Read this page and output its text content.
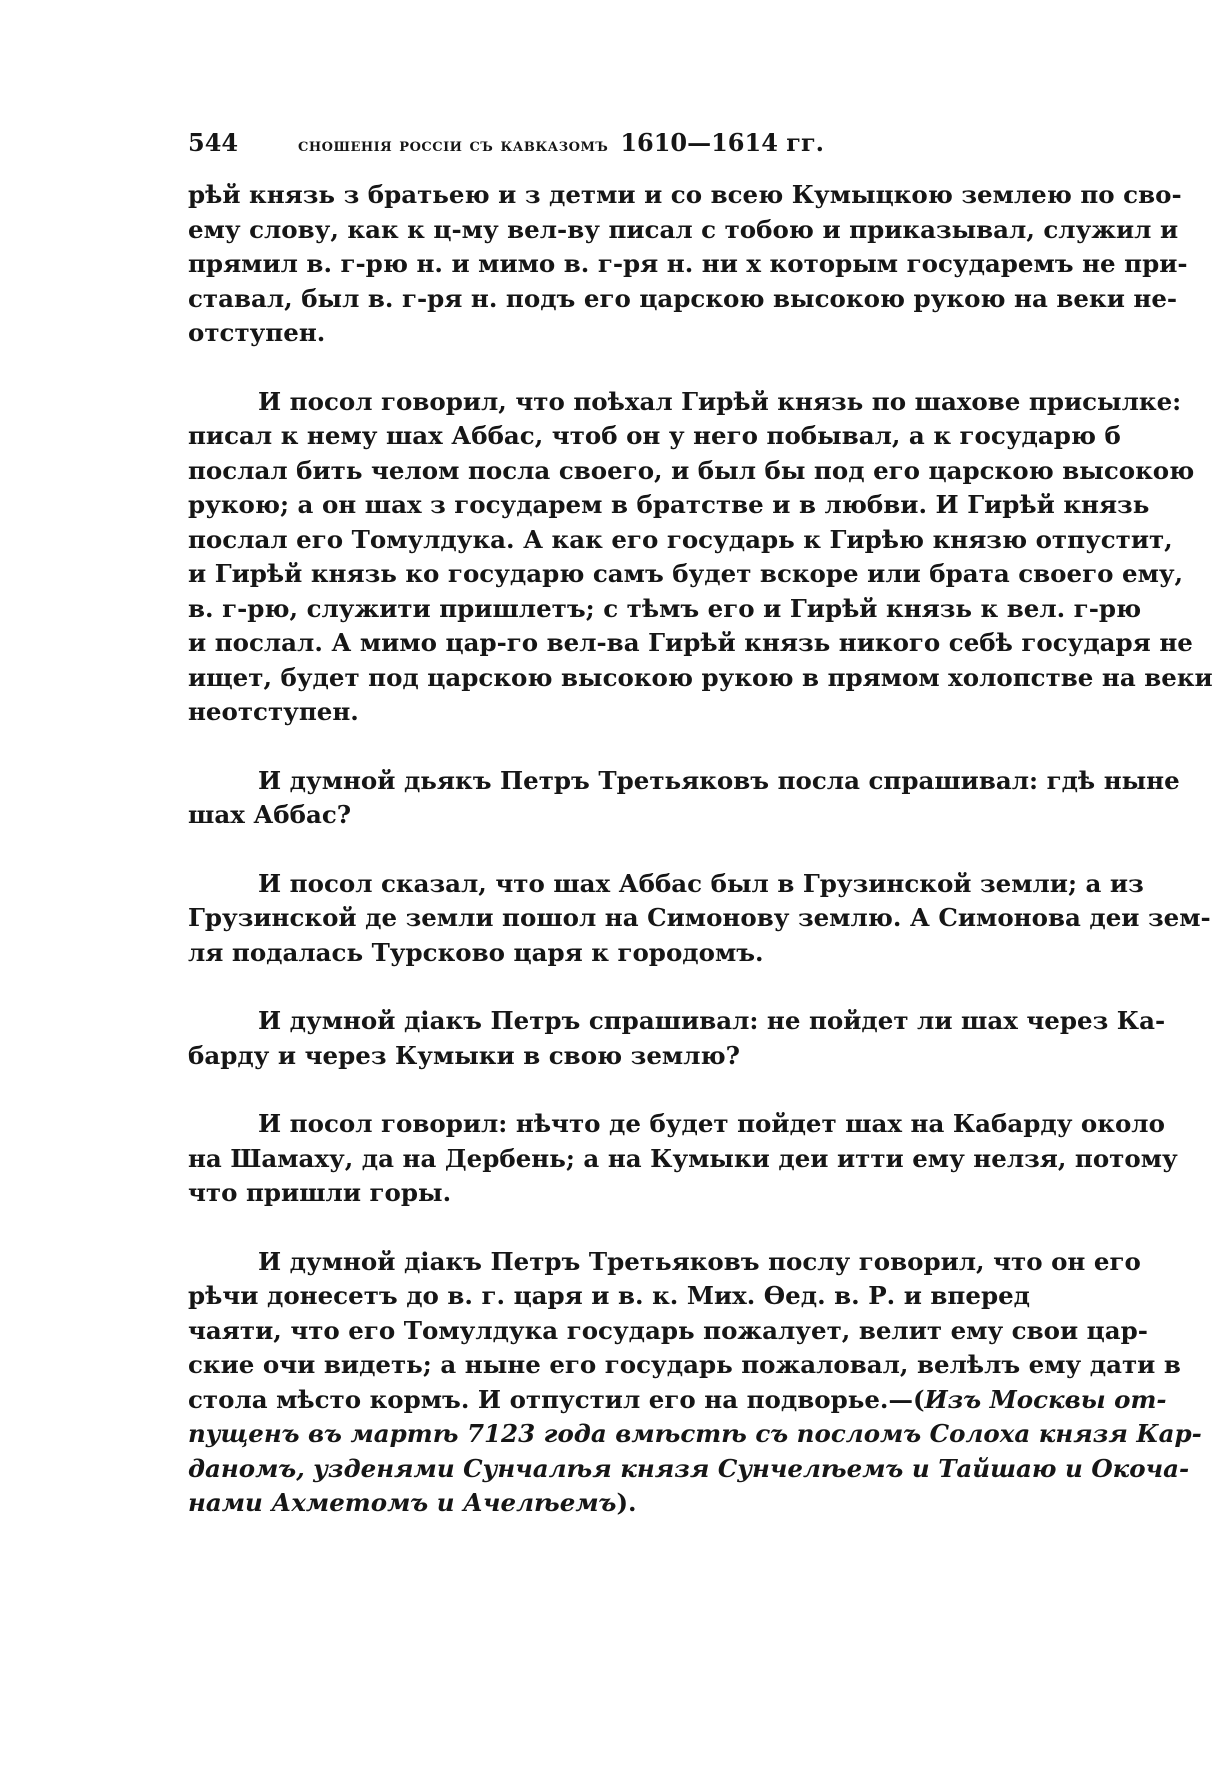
544	сношенія россіи съ кавказомъ 1610—1614 гг.
рѣй князь з братьею и з детми и со всею Кумыцкою землею по сво-
ему слову, как к ц-му вел-ву писал с тобою и приказывал, служил и
прямил в. г-рю н. и мимо в. г-ря н. ни х которым государемъ не при-
ставал, был в. г-ря н. подъ его царскою высокою рукою на веки не-
отступен.
И посол говорил, что поѣхал Гирѣй князь по шахове присылке:
писал к нему шах Аббас, чтоб он у него побывал, а к государю б
послал бить челом посла своего, и был бы под его царскою высокою
рукою; а он шах з государем в братстве и в любви. И Гирѣй князь
послал его Томулдука. А как его государь к Гирѣю князю отпустит,
и Гирѣй князь ко государю самъ будет вскоре или брата своего ему,
в. г-рю, служити пришлетъ; с тѣмъ его и Гирѣй князь к вел. г-рю
и послал. А мимо цар-го вел-ва Гирѣй князь никого себѣ государя не
ищет, будет под царскою высокою рукою в прямом холопстве на веки
неотступен.
И думной дьякъ Петръ Третьяковъ посла спрашивал: гдѣ ныне
шах Аббас?
И посол сказал, что шах Аббас был в Грузинской земли; а из
Грузинской де земли пошол на Симонову землю. А Симонова деи зем-
ля подалась Турсково царя к городомъ.
И думной діакъ Петръ спрашивал: не пойдет ли шах через Ка-
барду и через Кумыки в свою землю?
И посол говорил: нѣчто де будет пойдет шах на Кабарду около
на Шамаху, да на Дербень; а на Кумыки деи итти ему нелзя, потому
что пришли горы.
И думной діакъ Петръ Третьяковъ послу говорил, что он его
рѣчи донесетъ до в. г. царя и в. к. Мих. Ѳед. в. Р. и вперед
чаяти, что его Томулдука государь пожалует, велит ему свои цар-
ские очи видеть; а ныне его государь пожаловал, велѣлъ ему дати в
стола мѣсто кормъ. И отпустил его на подворье.—(Изъ Москвы от-
пущенъ въ мартѣ 7123 года вмѣстѣ съ посломъ Солоха князя Кар-
даномъ, узденями Сунчалѣя князя Сунчелѣемъ и Тайшаю и Окоча-
нами Ахметомъ и Ачелѣемъ).
